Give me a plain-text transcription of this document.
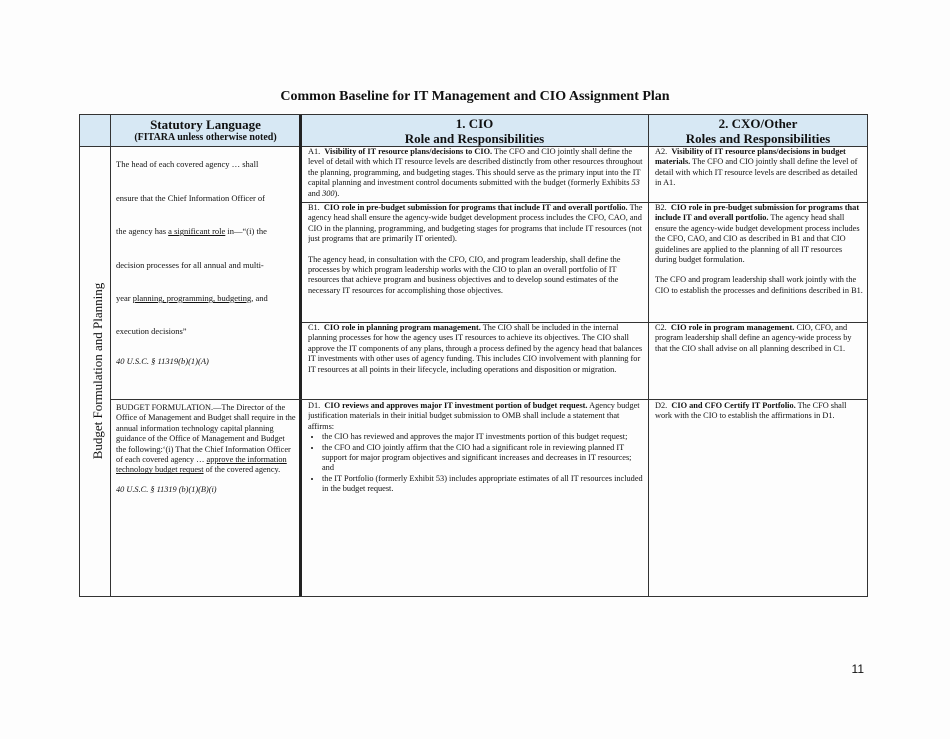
Common Baseline for IT Management and CIO Assignment Plan
Statutory Language
(FITARA unless otherwise noted)
1. CIO
Role and Responsibilities
2. CXO/Other
Roles and Responsibilities
Budget Formulation and Planning

The head of each covered agency … shall

ensure that the Chief Information Officer of

the agency has a significant role in—“(i) the

decision processes for all annual and multi-

year planning, programming, budgeting, and

execution decisions”

40 U.S.C. § 11319(b)(1)(A)

BUDGET FORMULATION.—The Director of the Office of Management and Budget shall require in the annual information technology capital planning guidance of the Office of Management and Budget the following:‘(i) That the Chief Information Officer of each covered agency … approve the information technology budget request of the covered agency.

40 U.S.C. § 11319 (b)(1)(B)(i)

A1. Visibility of IT resource plans/decisions to CIO. The CFO and CIO jointly shall define the level of detail with which IT resource levels are described distinctly from other resources throughout the planning, programming, and budgeting stages. This should serve as the primary input into the IT capital planning and investment control documents submitted with the budget (formerly Exhibits 53 and 300).
B1. CIO role in pre-budget submission for programs that include IT and overall portfolio. The agency head shall ensure the agency-wide budget development process includes the CFO, CAO, and CIO in the planning, programming, and budgeting stages for programs that include IT resources (not just programs that are primarily IT oriented).
The agency head, in consultation with the CFO, CIO, and program leadership, shall define the processes by which program leadership works with the CIO to plan an overall portfolio of IT resources that achieve program and business objectives and to develop sound estimates of the necessary IT resources for accomplishing those objectives.
C1. CIO role in planning program management. The CIO shall be included in the internal planning processes for how the agency uses IT resources to achieve its objectives. The CIO shall approve the IT components of any plans, through a process defined by the agency head that balances IT investments with other uses of agency funding. This includes CIO involvement with planning for IT resources at all points in their lifecycle, including operations and disposition or migration.
D1. CIO reviews and approves major IT investment portion of budget request. Agency budget justification materials in their initial budget submission to OMB shall include a statement that affirms:
• the CIO has reviewed and approves the major IT investments portion of this budget request;
• the CFO and CIO jointly affirm that the CIO had a significant role in reviewing planned IT support for major program objectives and significant increases and decreases in IT resources; and
• the IT Portfolio (formerly Exhibit 53) includes appropriate estimates of all IT resources included in the budget request.
A2. Visibility of IT resource plans/decisions in budget materials. The CFO and CIO jointly shall define the level of detail with which IT resource levels are described as detailed in A1.
B2. CIO role in pre-budget submission for programs that include IT and overall portfolio. The agency head shall ensure the agency-wide budget development process includes the CFO, CAO, and CIO as described in B1 and that CIO guidelines are applied to the planning of all IT resources during budget formulation.
The CFO and program leadership shall work jointly with the CIO to establish the processes and definitions described in B1.
C2. CIO role in program management. CIO, CFO, and program leadership shall define an agency-wide process by that the CIO shall advise on all planning described in C1.
D2. CIO and CFO Certify IT Portfolio. The CFO shall work with the CIO to establish the affirmations in D1.
11
